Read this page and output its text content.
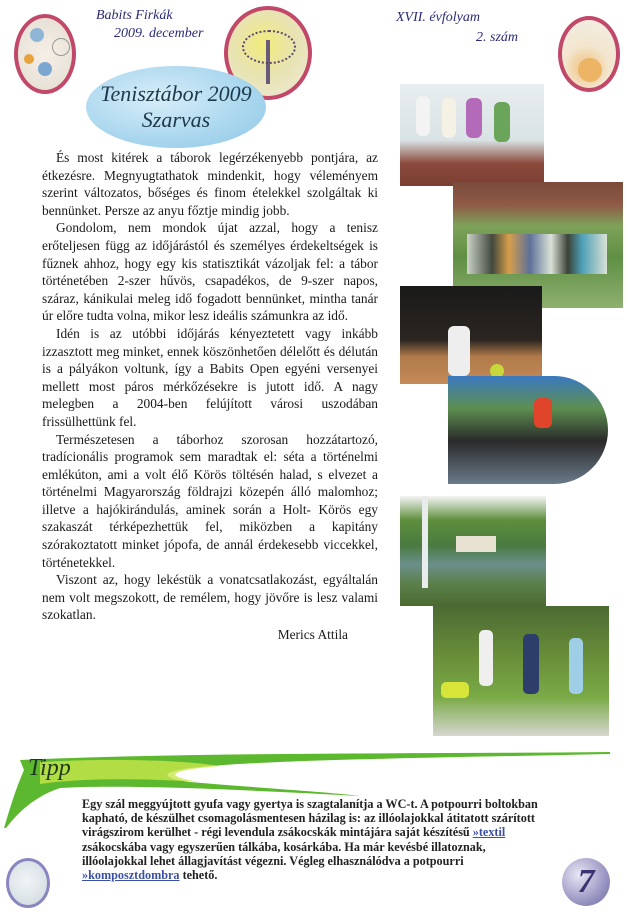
Babits Firkák
2009. december
XVII. évfolyam
2. szám
Tenisztábor 2009
Szarvas

És most kitérek a táborok legérzékenyebb pontjára, az étkezésre. Megnyugtathatok mindenkit, hogy véleményem szerint változatos, bőséges és finom ételekkel szolgáltak ki bennünket. Persze az anyu főztje mindig jobb.

Gondolom, nem mondok újat azzal, hogy a tenisz erőteljesen függ az időjárástól és személyes érdekeltségek is fűznek ahhoz, hogy egy kis statisztikát vázoljak fel: a tábor történetében 2-szer hűvös, csapadékos, de 9-szer napos, száraz, kánikulai meleg idő fogadott bennünket, mintha tanár úr előre tudta volna, mikor lesz ideális számunkra az idő.

Idén is az utóbbi időjárás kényeztetett vagy inkább izzasztott meg minket, ennek köszönhetően délelőtt és délután is a pályákon voltunk, így a Babits Open egyéni versenyei mellett most páros mérkőzésekre is jutott idő. A nagy melegben a 2004-ben felújított városi uszodában frissülhettünk fel.

Természetesen a táborhoz szorosan hozzátartozó, tradícionális programok sem maradtak el: séta a történelmi emlékúton, ami a volt élő Körös töltésén halad, s elvezet a történelmi Magyarország földrajzi közepén álló malomhoz; illetve a hajókirándulás, aminek során a Holt- Körös egy szakaszát térképezhettük fel, miközben a kapitány szórakoztatott minket jópofa, de annál érdekesebb viccekkel, történetekkel.

Viszont az, hogy lekéstük a vonatcsatlakozást, egyáltalán nem volt megszokott, de remélem, hogy jövőre is lesz valami szokatlan.

Merics Attila
Tipp
Egy szál meggyújtott gyufa vagy gyertya is szagtalanítja a WC-t. A potpourri boltokban kapható, de készülhet csomagolásmentesen házilag is: az illóolajokkal átitatott szárított virágszirom kerülhet - régi levendula zsákocskák mintájára saját készítésű »textil zsákocskába vagy egyszerűen tálkába, kosárkába. Ha már kevésbé illatoznak, illóolajokkal lehet állagjavítást végezni. Végleg elhasználódva a potpourri »komposztdombra tehető.	7
